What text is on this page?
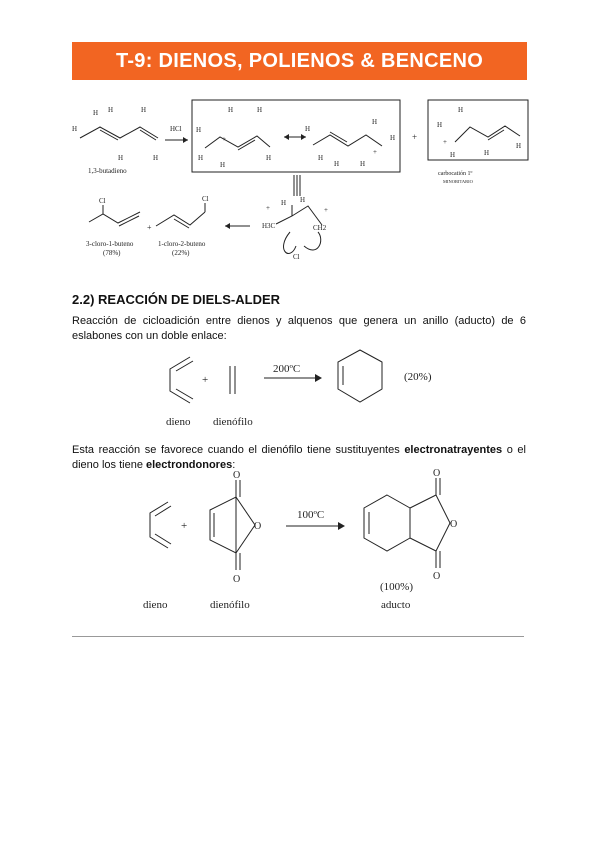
T-9: DIENOS, POLIENOS & BENCENO
H
H H
H
H
H
1,3-butadieno
HCl H
H
H
H	H
H
+
H
H
H	H
H
H
+
+
H
H
H
H
H
+
carbocatión 1º
MINORITARIO
H3C	CH2
H H
+	+
Cl
Cl
3-cloro-1-buteno
(78%)
+
Cl
1-cloro-2-buteno
(22%)
+
200ºC
(20%)
dieno dienófilo
+
O
O
O
100ºC
O
O
O
(100%)
dieno	dienófilo	aducto
2.2) REACCIÓN DE DIELS-ALDER
Reacción de cicloadición entre dienos y alquenos que genera un anillo (aducto) de 6 eslabones con un doble enlace:
Esta reacción se favorece cuando el dienófilo tiene sustituyentes electronatrayentes o el dieno los tiene electrondonores:
